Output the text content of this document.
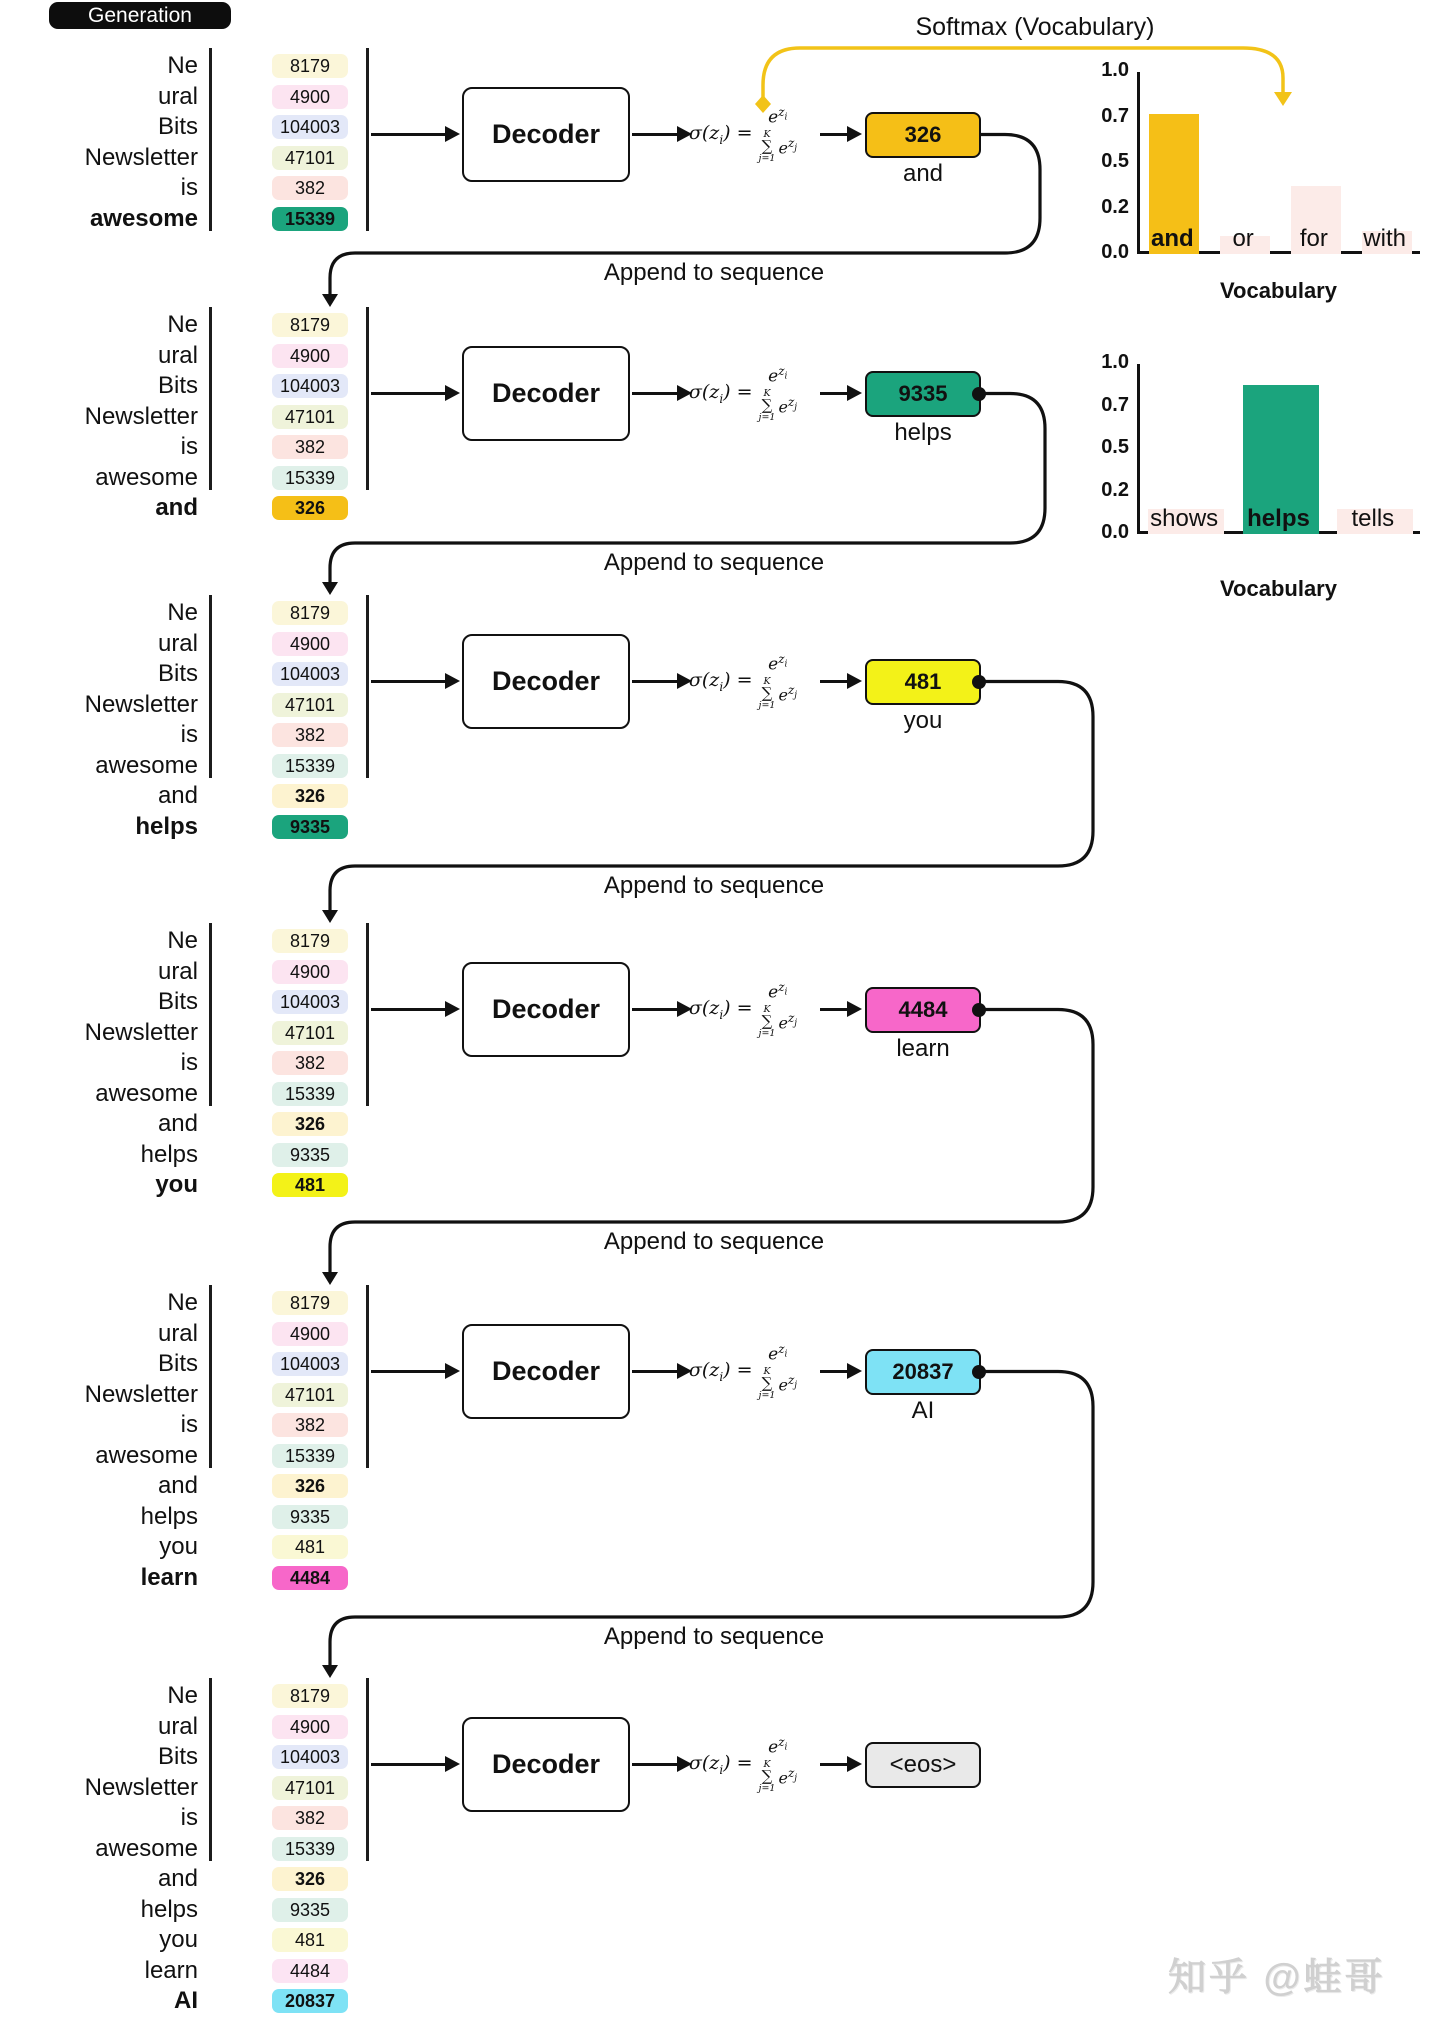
Generation	Softmax (Vocabulary)
Ne	8179
ural	4900
Bits	104003
Newsletter	47101
is	382
awesome	15339
Decoder	$\sigma(z_i)$ =
$e^{z_i}$
K
∑
j=1
$e^{z_j}$
326
and
Append to sequence
Ne	8179
ural	4900
Bits	104003
Newsletter	47101
is	382
awesome	15339
and	326
Decoder	$\sigma(z_i)$ =
$e^{z_i}$
K
∑
j=1
$e^{z_j}$
9335
helps
Append to sequence
Ne	8179
ural	4900
Bits	104003
Newsletter	47101
is	382
awesome	15339
and	326
helps	9335
Decoder	$\sigma(z_i)$ =
$e^{z_i}$
K
∑
j=1
$e^{z_j}$
481
you
Append to sequence
Ne	8179
ural	4900
Bits	104003
Newsletter	47101
is	382
awesome	15339
and	326
helps	9335
you	481
Decoder	$\sigma(z_i)$ =
$e^{z_i}$
K
∑
j=1
$e^{z_j}$
4484
learn
Append to sequence
Ne	8179
ural	4900
Bits	104003
Newsletter	47101
is	382
awesome	15339
and	326
helps	9335
you	481
learn	4484
Decoder	$\sigma(z_i)$ =
$e^{z_i}$
K
∑
j=1
$e^{z_j}$
20837
AI
Append to sequence
Ne	8179
ural	4900
Bits	104003
Newsletter	47101
is	382
awesome	15339
and	326
helps	9335
you	481
learn	4484
AI	20837
Decoder	$\sigma(z_i)$ =
$e^{z_i}$
K
∑
j=1
$e^{z_j}$
<eos>
1.0
0.7
0.5
0.2
0.0 and	or	for	with
Vocabulary
1.0
0.7
0.5
0.2
0.0 shows	helps	tells
Vocabulary
知乎 @蛙哥
